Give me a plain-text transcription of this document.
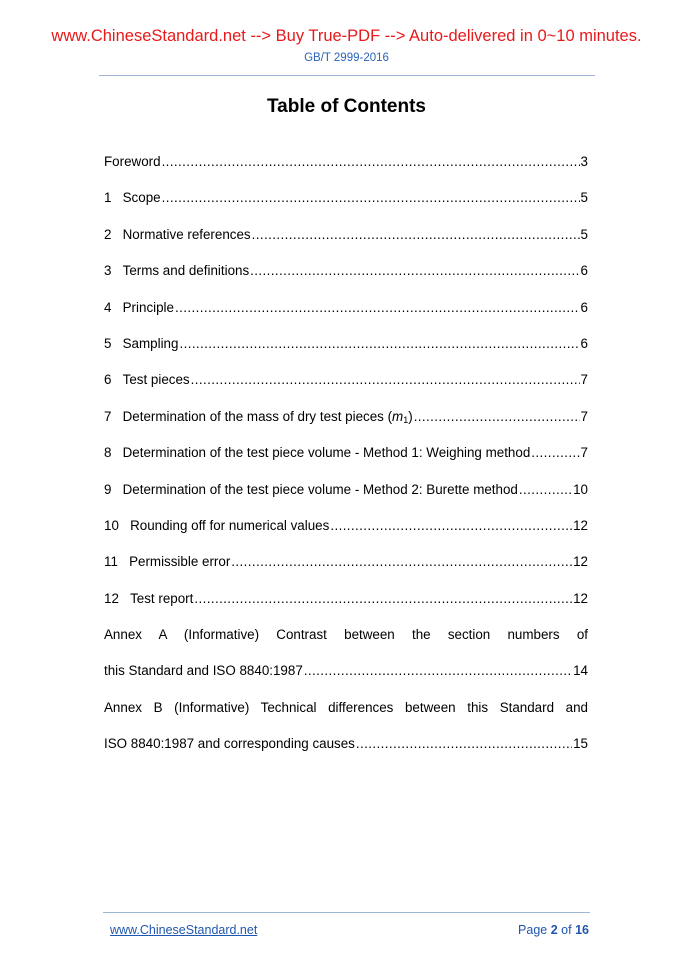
www.ChineseStandard.net --> Buy True-PDF --> Auto-delivered in 0~10 minutes.
GB/T 2999-2016
Table of Contents
Foreword .....	3
1 Scope .....	5
2 Normative references .....	5
3 Terms and definitions .....	6
4 Principle .....	6
5 Sampling .....	6
6 Test pieces .....	7
7 Determination of the mass of dry test pieces $(m_1)$ .....	7
8 Determination of the test piece volume - Method 1: Weighing method .....	7
9 Determination of the test piece volume - Method 2: Burette method .....	10
10 Rounding off for numerical values .....	12
11 Permissible error .....	12
12 Test report .....	12
Annex A (Informative) Contrast between the section numbers of
this Standard and ISO 8840:1987 .....	14
Annex B (Informative) Technical differences between this Standard and
ISO 8840:1987 and corresponding causes .....	15
www.ChineseStandard.net	Page 2 of 16
